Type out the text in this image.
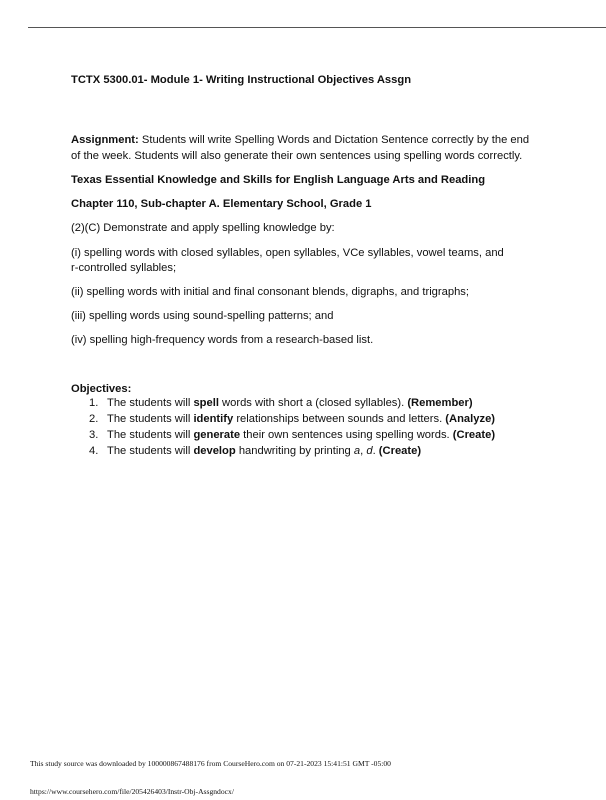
TCTX 5300.01- Module 1- Writing Instructional Objectives Assgn

Assignment: Students will write Spelling Words and Dictation Sentence correctly by the end of the week. Students will also generate their own sentences using spelling words correctly.

Texas Essential Knowledge and Skills for English Language Arts and Reading

Chapter 110, Sub-chapter A. Elementary School, Grade 1

(2)(C) Demonstrate and apply spelling knowledge by:

(i) spelling words with closed syllables, open syllables, VCe syllables, vowel teams, and r-controlled syllables;

(ii) spelling words with initial and final consonant blends, digraphs, and trigraphs;

(iii) spelling words using sound-spelling patterns; and

(iv) spelling high-frequency words from a research-based list.

Objectives:

1. The students will spell words with short a (closed syllables). (Remember)
2. The students will identify relationships between sounds and letters. (Analyze)
3. The students will generate their own sentences using spelling words. (Create)
4. The students will develop handwriting by printing a, d. (Create)
This study source was downloaded by 100000867488176 from CourseHero.com on 07-21-2023 15:41:51 GMT -05:00
https://www.coursehero.com/file/205426403/Instr-Obj-Assgndocx/
